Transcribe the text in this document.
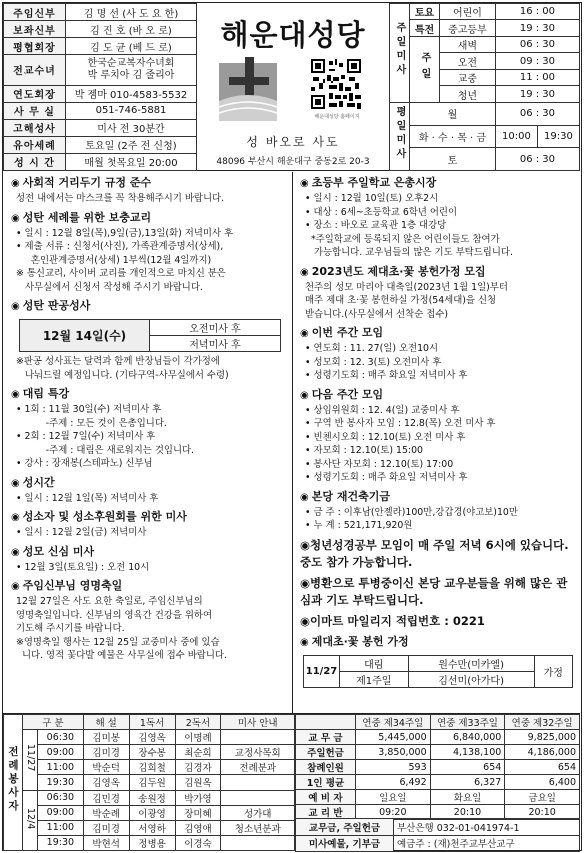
주임신부	김 명 선 (사 도 요 한)
보좌신부	김 진 호 (바 오 로)
평협회장	김 도 균 (베 드 로)
전교수녀	한국순교복자수녀회
박 루치아 김 줄리아

연도회장	박 젬마 010-4583-5532
사 무 실	051-746-5881
고해성사	미사 전 30분간
유아세례	토요일 (2주 전 신청)
성 시 간	매월 첫목요일 20:00
해운대성당
해운대성당 홈페이지
성 바오로 사도
48096 부산시 해운대구 중동2로 20-3
주일미사	토요	어린이	16 : 00	
	특전	중고등부	19 : 30	
	주일	새벽	06 : 30	
		오전	09 : 30	
		교중	11 : 00	
		청년	19 : 30	
평일미사	월		06 : 30	
	화 · 수 · 목 · 금		10:00	19:30
	토		06 : 30	
◉ 사회적 거리두기 규정 준수
성전 내에서는 마스크를 꼭 착용해주시기 바랍니다.
◉ 성탄 세례를 위한 보충교리
• 일시 : 12월 8일(목),9일(금),13일(화) 저녁미사 후
• 제출 서류 : 신청서(사진), 가족관계증명서(상세),
혼인관계증명서(상세) 1부씩(12월 4일까지)
※ 통신교리, 사이버 교리를 개인적으로 마치신 분은
사무실에서 신청서 작성해 주시기 바랍니다.
◉ 성탄 판공성사
12월 14일(수)	오전미사 후
저녁미사 후
※판공 성사표는 달력과 함께 반장님들이 각가정에
나눠드릴 예정입니다. (기타구역-사무실에서 수령)
◉ 대림 특강
• 1회 : 11월 30일(수) 저녁미사 후
-주제 : 모든 것이 은총입니다.
• 2회 : 12월 7일(수) 저녁미사 후
-주제 : 대림은 새로워지는 것입니다.
• 강사 : 장재봉(스테파노) 신부님
◉ 성시간
• 일시 : 12월 1일(목) 저녁미사 후
◉ 성소자 및 성소후원회를 위한 미사
• 일시 : 12월 2일(금) 저녁미사
◉ 성모 신심 미사
• 12월 3일(토요일) : 오전 10시
◉ 주임신부님 영명축일
12월 27일은 사도 요한 축일로, 주임신부님의
영명축일입니다. 신부님의 영육간 건강을 위하여
기도해 주시기를 바랍니다.
※영명축일 행사는 12월 25일 교중미사 중에 있습
니다. 영적 꽃다발 예물은 사무실에 접수 바랍니다.
◉ 초등부 주일학교 은총시장
• 일시 : 12월 10일(토) 오후2시
• 대상 : 6세~초등학교 6학년 어린이
• 장소 : 바오로 교육관 1층 대강당
*주일학교에 등록되지 않은 어린이들도 참여가
가능합니다. 교우님들의 많은 기도 부탁드립니다.
◉ 2023년도 제대초·꽃 봉헌가정 모집
천주의 성모 마리아 대축일(2023년 1월 1일)부터
매주 제대 초·꽃 봉헌하실 가정(54세대)을 신청
받습니다.(사무실에서 선착순 접수)
◉ 이번 주간 모임
• 연도회 : 11. 27(일) 오전10시
• 성모회 : 12. 3(토) 오전미사 후
• 성령기도회 : 매주 화요일 저녁미사 후
◉ 다음 주간 모임
• 상임위원회 : 12. 4(일) 교중미사 후
• 구역 반 봉사자 모임 : 12.8(목) 오전 미사 후
• 빈첸시오회 : 12.10(토) 오전 미사 후
• 자모회 : 12.10(토) 15:00
• 봉사단 자모회 : 12.10(토) 17:00
• 성령기도회 : 매주 화요일 저녁미사 후
◉ 본당 재건축기금
• 금 주 : 이후남(안젤라)100만,강갑경(야고보)10만
• 누 계 : 521,171,920원
◉청년성경공부 모임이 매 주일 저녁 6시에 있습니다. 중도 참가 가능합니다.
◉병환으로 투병중이신 본당 교우분들을 위해 많은 관심과 기도 부탁드립니다.
◉이마트 마일리지 적립번호 : 0221
◉ 제대초·꽃 봉헌 가정
11/27	대림	원수만(미카엘)	가정
	제1주일	김선미(아가다)	
전례봉사자	구 분		해 설	1독서	2독서	미사 안내
	11/27	06:30	김미봉	김영옥	이명례	
		09:00	김미경	장수봉	최순희	교정사목회
		11:00	박순덕	김희철	김경자	전례분과
		19:30	김영옥	김두원	김원옥	
	12/4	06:30	김민경	송원정	박가영	
		09:00	박순례	이광영	장미혜	성가대
		11:00	김미경	서영하	김영애	청소년분과
		19:30	박현석	정병용	이경숙	
	연중 제34주일	연중 제33주일	연중 제32주일
교 무 금	5,445,000	6,840,000	9,825,000
주일헌금	3,850,000	4,138,100	4,186,000
참례인원	593	654	654
1인 평균	6,492	6,327	6,400
예 비 자	일요일	화요일	금요일
교 리 반	09:20	20:10	20:10
교무금, 주일헌금	부산은행 032-01-041974-1
미사예물, 기부금	예금주 : (재)천주교부산교구
